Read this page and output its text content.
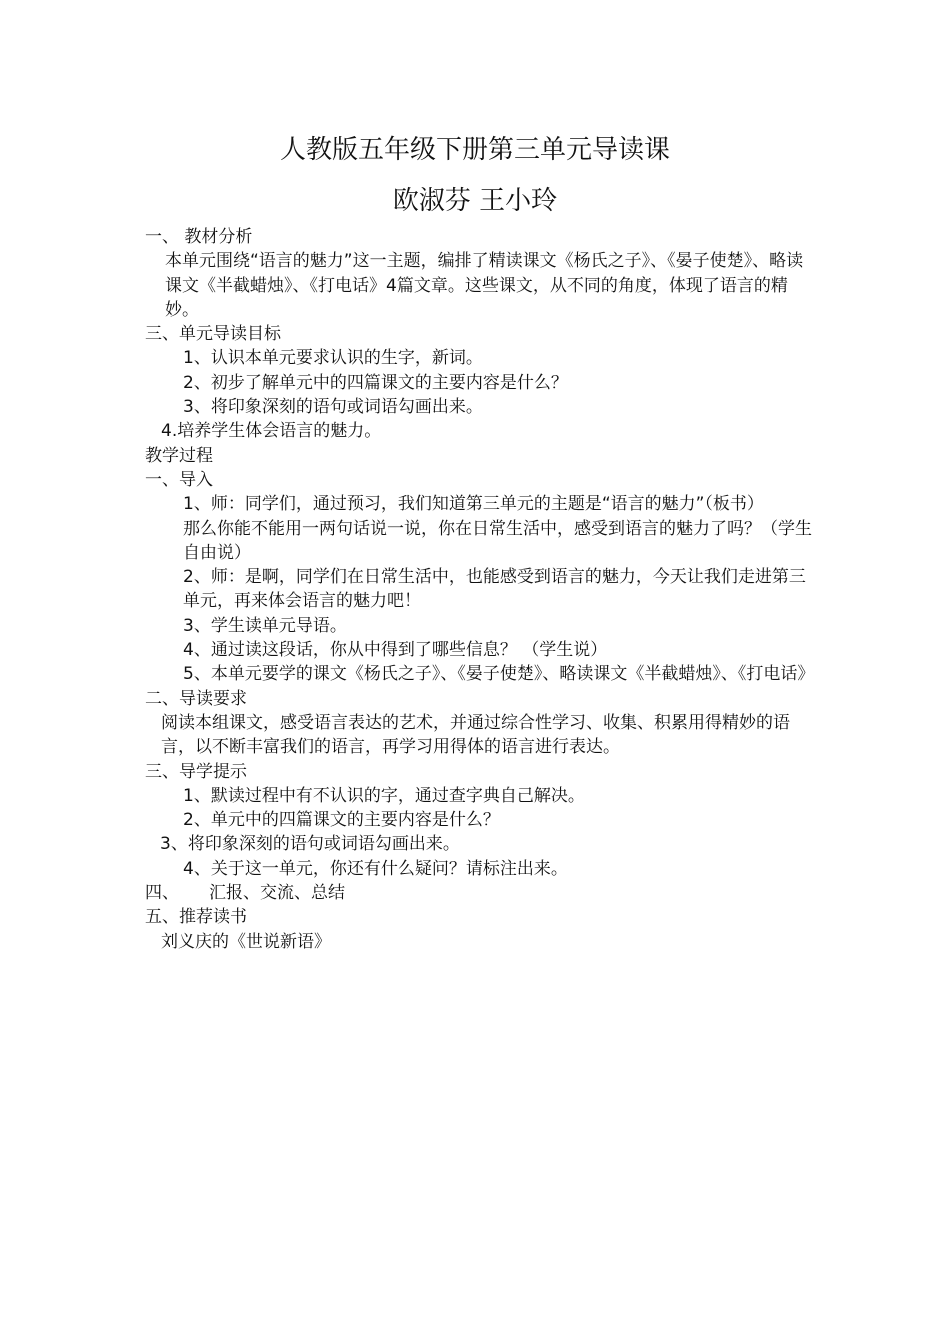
人教版五年级下册第三单元导读课
欧淑芬 王小玲
一、 教材分析
本单元围绕“语言的魅力”这一主题，编排了精读课文《杨氏之子》、《晏子使楚》、略读课文《半截蜡烛》、《打电话》4篇文章。这些课文，从不同的角度，体现了语言的精妙。
三、单元导读目标
1、认识本单元要求认识的生字，新词。
2、初步了解单元中的四篇课文的主要内容是什么？
3、将印象深刻的语句或词语勾画出来。
4.培养学生体会语言的魅力。
教学过程
一、导入
1、师：同学们，通过预习，我们知道第三单元的主题是“语言的魅力”（板书）
那么你能不能用一两句话说一说，你在日常生活中，感受到语言的魅力了吗？（学生自由说）
2、师：是啊，同学们在日常生活中，也能感受到语言的魅力，今天让我们走进第三单元，再来体会语言的魅力吧！
3、学生读单元导语。
4、通过读这段话，你从中得到了哪些信息？ （学生说）
5、本单元要学的课文《杨氏之子》、《晏子使楚》、略读课文《半截蜡烛》、《打电话》
二、导读要求
阅读本组课文，感受语言表达的艺术，并通过综合性学习、收集、积累用得精妙的语言，以不断丰富我们的语言，再学习用得体的语言进行表达。
三、导学提示
1、默读过程中有不认识的字，通过查字典自己解决。
2、单元中的四篇课文的主要内容是什么？
3、将印象深刻的语句或词语勾画出来。
4、关于这一单元，你还有什么疑问？请标注出来。
四、 汇报、交流、总结
五、推荐读书
刘义庆的《世说新语》
